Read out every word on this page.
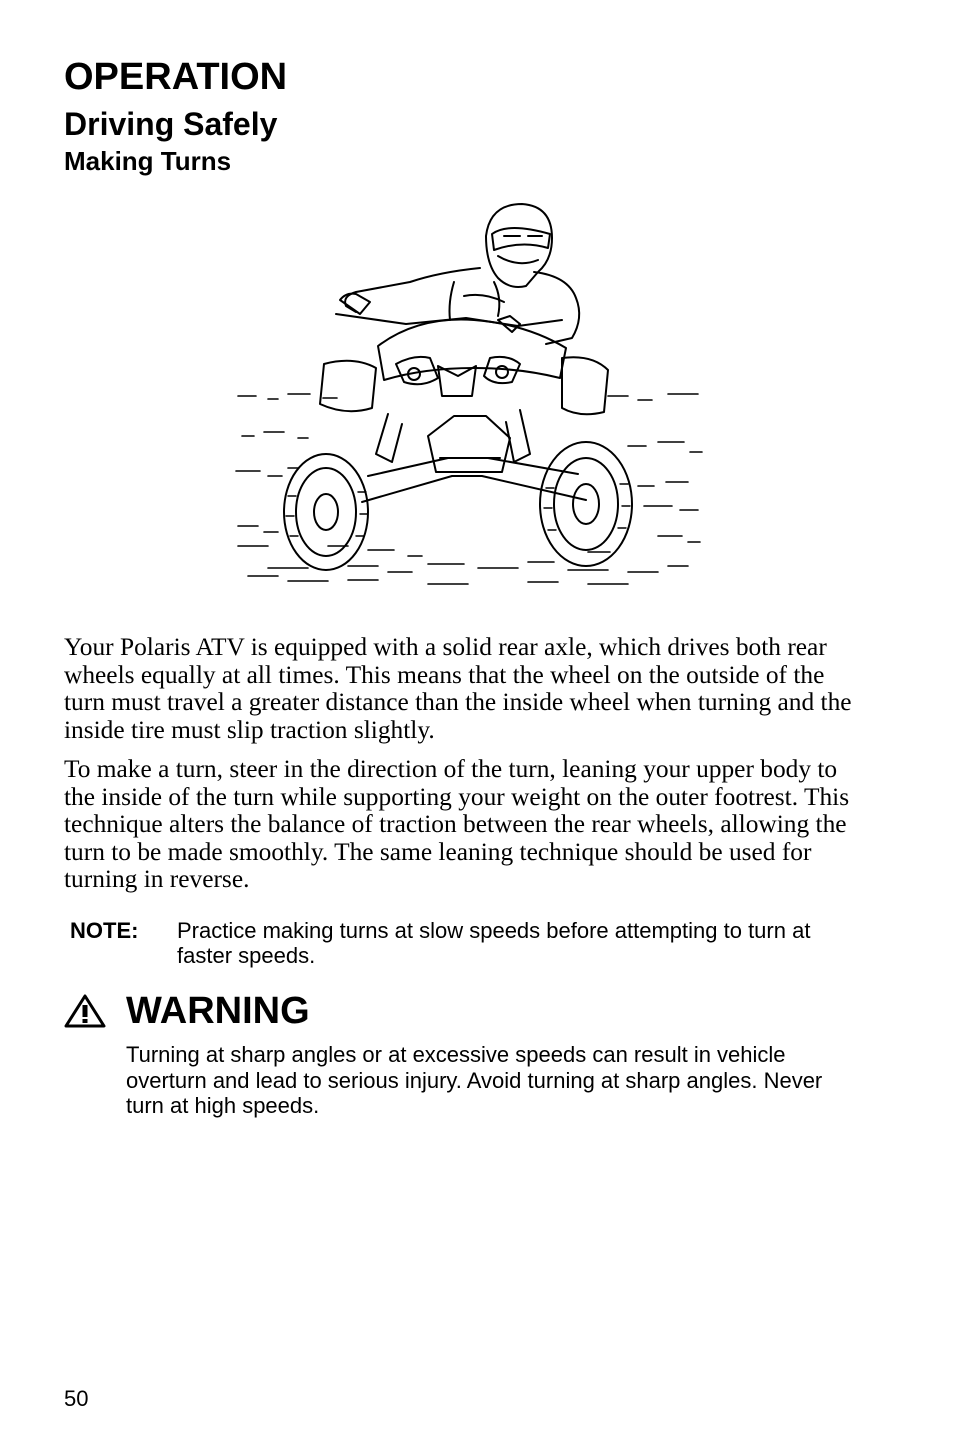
OPERATION
Driving Safely
Making Turns

Your Polaris ATV is equipped with a solid rear axle, which drives both rear wheels equally at all times. This means that the wheel on the outside of the turn must travel a greater distance than the inside wheel when turning and the inside tire must slip traction slightly.

To make a turn, steer in the direction of the turn, leaning your upper body to the inside of the turn while supporting your weight on the outer footrest. This technique alters the balance of traction between the rear wheels, allowing the turn to be made smoothly. The same leaning technique should be used for turning in reverse.

NOTE:	Practice making turns at slow speeds before attempting to turn at faster speeds.
WARNING
Turning at sharp angles or at excessive speeds can result in vehicle overturn and lead to serious injury. Avoid turning at sharp angles. Never turn at high speeds.
50
